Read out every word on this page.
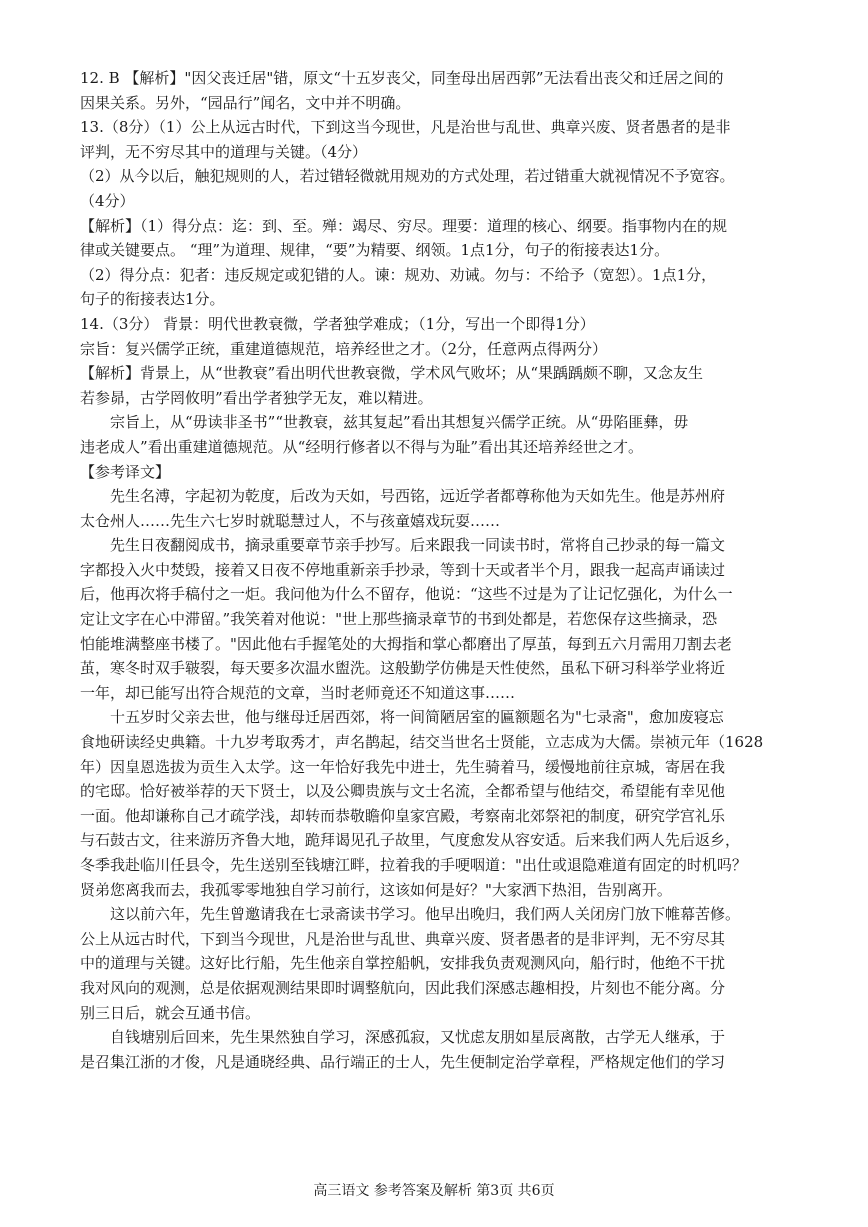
12. B 【解析】"因父丧迁居"错，原文“十五岁丧父，同奎母出居西郭”无法看出丧父和迁居之间的
因果关系。另外，“园品行”闻名，文中并不明确。
13.（8分）（1）公上从远古时代，下到这当今现世，凡是治世与乱世、典章兴废、贤者愚者的是非
评判，无不穷尽其中的道理与关键。（4分）
（2）从今以后，触犯规则的人，若过错轻微就用规劝的方式处理，若过错重大就视情况不予宽容。
（4分）
【解析】（1）得分点：迄：到、至。殚：竭尽、穷尽。理要：道理的核心、纲要。指事物内在的规
律或关键要点。 “理”为道理、规律，“要”为精要、纲领。1点1分，句子的衔接表达1分。
（2）得分点：犯者：违反规定或犯错的人。谏：规劝、劝诫。勿与：不给予（宽恕）。1点1分，
句子的衔接表达1分。
14.（3分） 背景：明代世教衰微，学者独学难成；（1分，写出一个即得1分）
宗旨：复兴儒学正统，重建道德规范，培养经世之才。（2分，任意两点得两分）
【解析】背景上，从“世教衰”看出明代世教衰微，学术风气败坏；从“果踽踽颇不聊，又念友生
若参昴，古学罔攸明”看出学者独学无友，难以精进。
　　宗旨上，从“毋读非圣书”“世教衰，兹其复起”看出其想复兴儒学正统。从“毋陷匪彝，毋
违老成人”看出重建道德规范。从“经明行修者以不得与为耻”看出其还培养经世之才。
【参考译文】
　　先生名溥，字起初为乾度，后改为天如，号西铭，远近学者都尊称他为天如先生。他是苏州府
太仓州人……先生六七岁时就聪慧过人，不与孩童嬉戏玩耍……
　　先生日夜翻阅成书，摘录重要章节亲手抄写。后来跟我一同读书时，常将自己抄录的每一篇文
字都投入火中焚毁，接着又日夜不停地重新亲手抄录，等到十天或者半个月，跟我一起高声诵读过
后，他再次将手稿付之一炬。我问他为什么不留存，他说：“这些不过是为了让记忆强化，为什么一
定让文字在心中滞留。”我笑着对他说："世上那些摘录章节的书到处都是，若您保存这些摘录，恐
怕能堆满整座书楼了。"因此他右手握笔处的大拇指和掌心都磨出了厚茧，每到五六月需用刀割去老
茧，寒冬时双手皲裂，每天要多次温水盥洗。这般勤学仿佛是天性使然，虽私下研习科举学业将近
一年，却已能写出符合规范的文章，当时老师竟还不知道这事……
　　十五岁时父亲去世，他与继母迁居西郊，将一间简陋居室的匾额题名为"七录斋"，愈加废寝忘
食地研读经史典籍。十九岁考取秀才，声名鹊起，结交当世名士贤能，立志成为大儒。崇祯元年（1628
年）因皇恩选拔为贡生入太学。这一年恰好我先中进士，先生骑着马，缓慢地前往京城，寄居在我
的宅邸。恰好被举荐的天下贤士，以及公卿贵族与文士名流，全都希望与他结交，希望能有幸见他
一面。他却谦称自己才疏学浅，却转而恭敬瞻仰皇家宫殿，考察南北郊祭祀的制度，研究学宫礼乐
与石鼓古文，往来游历齐鲁大地，跪拜谒见孔子故里，气度愈发从容安适。后来我们两人先后返乡，
冬季我赴临川任县令，先生送别至钱塘江畔，拉着我的手哽咽道："出仕或退隐难道有固定的时机吗？
贤弟您离我而去，我孤零零地独自学习前行，这该如何是好？"大家洒下热泪，告别离开。
　　这以前六年，先生曾邀请我在七录斋读书学习。他早出晚归，我们两人关闭房门放下帷幕苦修。
公上从远古时代，下到当今现世，凡是治世与乱世、典章兴废、贤者愚者的是非评判，无不穷尽其
中的道理与关键。这好比行船，先生他亲自掌控船帆，安排我负责观测风向，船行时，他绝不干扰
我对风向的观测，总是依据观测结果即时调整航向，因此我们深感志趣相投，片刻也不能分离。分
别三日后，就会互通书信。
　　自钱塘别后回来，先生果然独自学习，深感孤寂，又忧虑友朋如星辰离散，古学无人继承，于
是召集江浙的才俊，凡是通晓经典、品行端正的士人，先生便制定治学章程，严格规定他们的学习
高三语文 参考答案及解析 第3页 共6页
